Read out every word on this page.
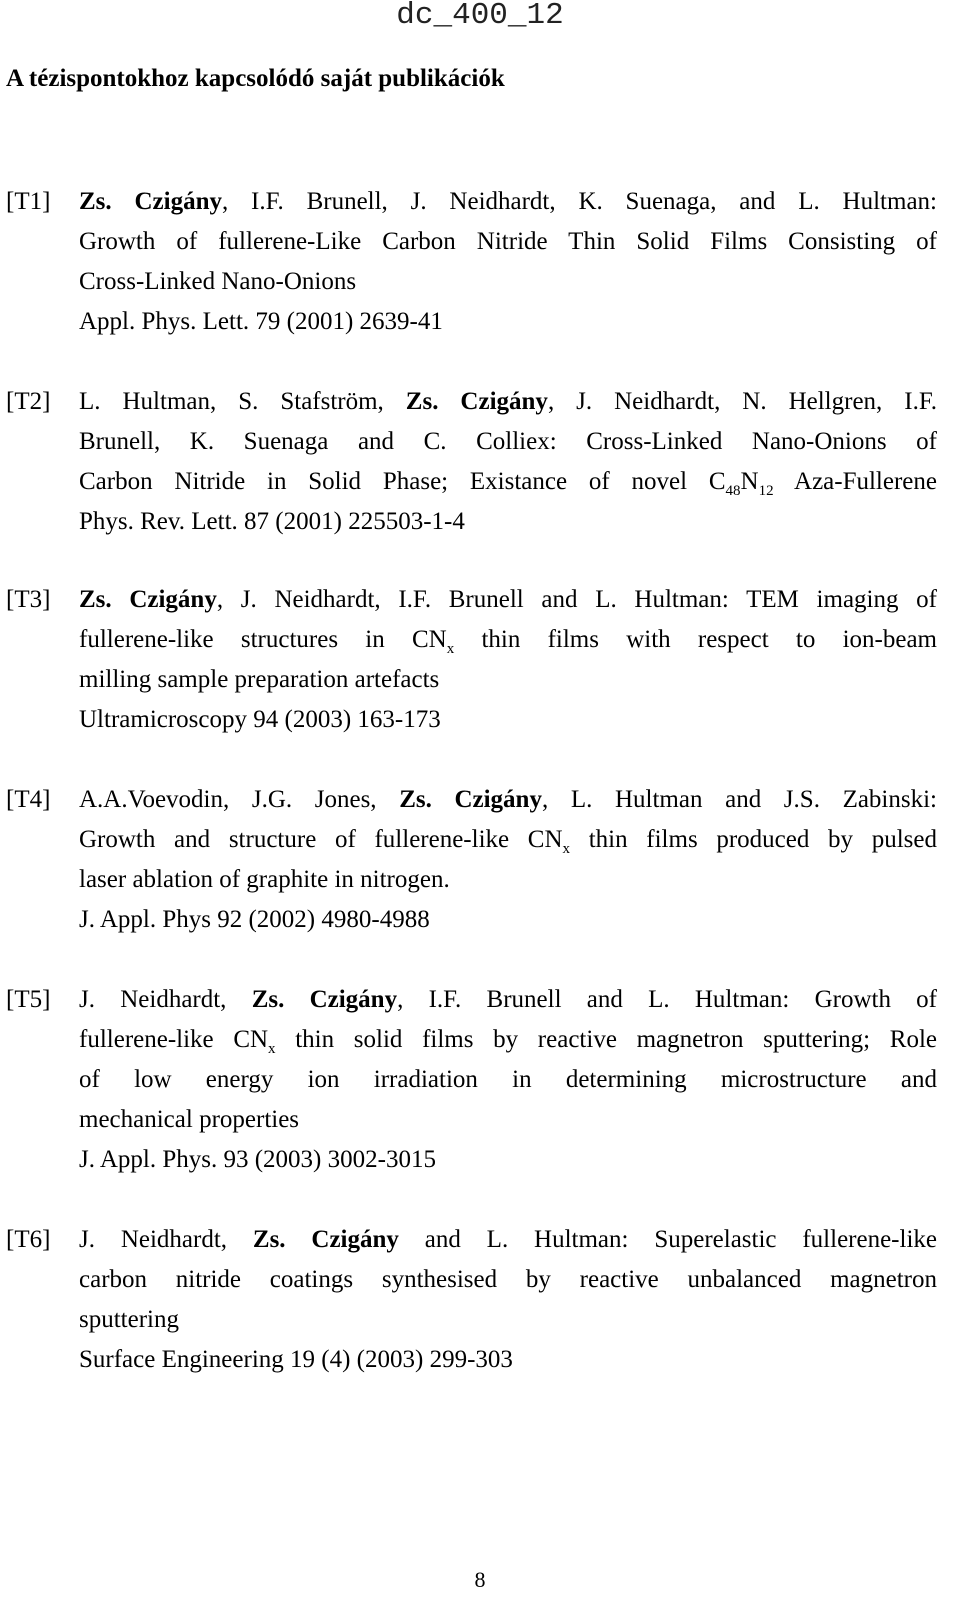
dc_400_12
A tézispontokhoz kapcsolódó saját publikációk
[T1] Zs. Czigány, I.F. Brunell, J. Neidhardt, K. Suenaga, and L. Hultman:
Growth of fullerene-Like Carbon Nitride Thin Solid Films Consisting of
Cross-Linked Nano-Onions
Appl. Phys. Lett. 79 (2001) 2639-41
[T2] L. Hultman, S. Stafström, Zs. Czigány, J. Neidhardt, N. Hellgren, I.F.
Brunell, K. Suenaga and C. Colliex: Cross-Linked Nano-Onions of
Carbon Nitride in Solid Phase; Existance of novel $C_{48}N_{12}$ Aza-Fullerene
Phys. Rev. Lett. 87 (2001) 225503-1-4
[T3] Zs. Czigány, J. Neidhardt, I.F. Brunell and L. Hultman: TEM imaging of
fullerene-like structures in $CN_x$ thin films with respect to ion-beam
milling sample preparation artefacts
Ultramicroscopy 94 (2003) 163-173
[T4] A.A.Voevodin, J.G. Jones, Zs. Czigány, L. Hultman and J.S. Zabinski:
Growth and structure of fullerene-like $CN_x$ thin films produced by pulsed
laser ablation of graphite in nitrogen.
J. Appl. Phys 92 (2002) 4980-4988
[T5] J. Neidhardt, Zs. Czigány, I.F. Brunell and L. Hultman: Growth of
fullerene-like $CN_x$ thin solid films by reactive magnetron sputtering; Role
of low energy ion irradiation in determining microstructure and
mechanical properties
J. Appl. Phys. 93 (2003) 3002-3015
[T6] J. Neidhardt, Zs. Czigány and L. Hultman: Superelastic fullerene-like
carbon nitride coatings synthesised by reactive unbalanced magnetron
sputtering
Surface Engineering 19 (4) (2003) 299-303
8
